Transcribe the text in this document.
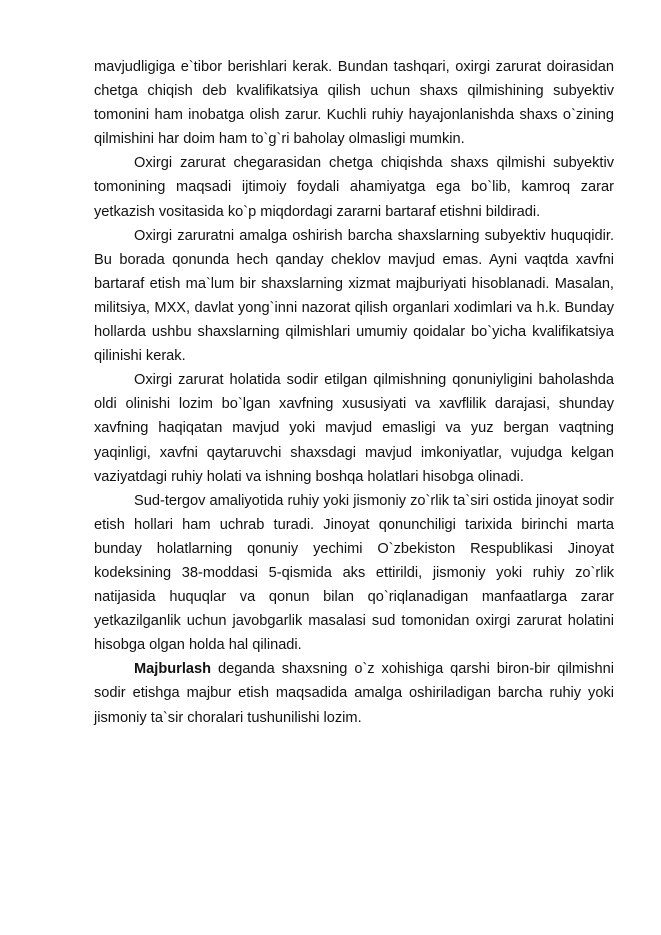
mavjudligiga e`tibor berishlari kerak. Bundan tashqari, oxirgi zarurat doirasidan chetga chiqish deb kvalifikatsiya qilish uchun shaxs qilmishining subyektiv tomonini ham inobatga olish zarur. Kuchli ruhiy hayajonlanishda shaxs o`zining qilmishini har doim ham to`g`ri baholay olmasligi mumkin.

Oxirgi zarurat chegarasidan chetga chiqishda shaxs qilmishi subyektiv tomonining maqsadi ijtimoiy foydali ahamiyatga ega bo`lib, kamroq zarar yetkazish vositasida ko`p miqdordagi zararni bartaraf etishni bildiradi.

Oxirgi zaruratni amalga oshirish barcha shaxslarning subyektiv huquqidir. Bu borada qonunda hech qanday cheklov mavjud emas. Ayni vaqtda xavfni bartaraf etish ma`lum bir shaxslarning xizmat majburiyati hisoblanadi. Masalan, militsiya, MXX, davlat yong`inni nazorat qilish organlari xodimlari va h.k. Bunday hollarda ushbu shaxslarning qilmishlari umumiy qoidalar bo`yicha kvalifikatsiya qilinishi kerak.

Oxirgi zarurat holatida sodir etilgan qilmishning qonuniyligini baholashda oldi olinishi lozim bo`lgan xavfning xususiyati va xavflilik darajasi, shunday xavfning haqiqatan mavjud yoki mavjud emasligi va yuz bergan vaqtning yaqinligi, xavfni qaytaruvchi shaxsdagi mavjud imkoniyatlar, vujudga kelgan vaziyatdagi ruhiy holati va ishning boshqa holatlari hisobga olinadi.

Sud-tergov amaliyotida ruhiy yoki jismoniy zo`rlik ta`siri ostida jinoyat sodir etish hollari ham uchrab turadi. Jinoyat qonunchiligi tarixida birinchi marta bunday holatlarning qonuniy yechimi O`zbekiston Respublikasi Jinoyat kodeksining 38-moddasi 5-qismida aks ettirildi, jismoniy yoki ruhiy zo`rlik natijasida huquqlar va qonun bilan qo`riqlanadigan manfaatlarga zarar yetkazilganlik uchun javobgarlik masalasi sud tomonidan oxirgi zarurat holatini hisobga olgan holda hal qilinadi.

Majburlash deganda shaxsning o`z xohishiga qarshi biron-bir qilmishni sodir etishga majbur etish maqsadida amalga oshiriladigan barcha ruhiy yoki jismoniy ta`sir choralari tushunilishi lozim.
